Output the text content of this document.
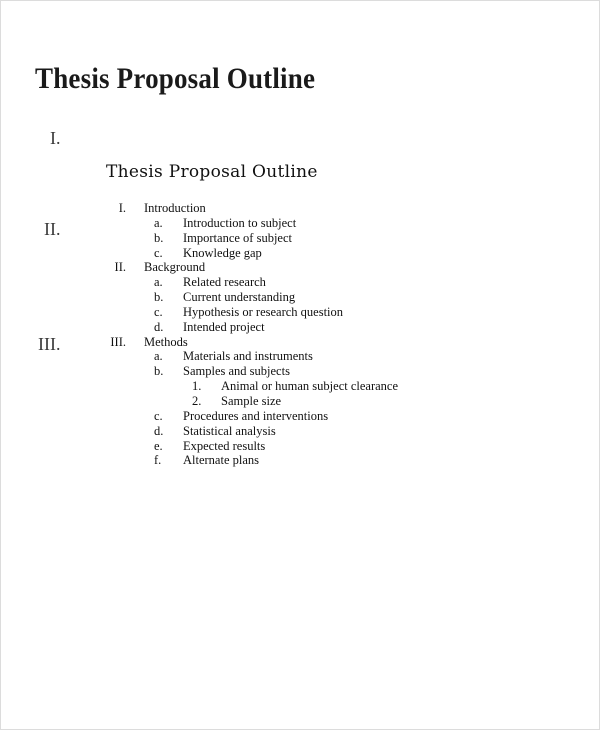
Thesis Proposal Outline
I.
II.
III.
Thesis Proposal Outline
I. Introduction
a. Introduction to subject
b. Importance of subject
c. Knowledge gap
II. Background
a. Related research
b. Current understanding
c. Hypothesis or research question
d. Intended project
III. Methods
a. Materials and instruments
b. Samples and subjects
1. Animal or human subject clearance
2. Sample size
c. Procedures and interventions
d. Statistical analysis
e. Expected results
f. Alternate plans
